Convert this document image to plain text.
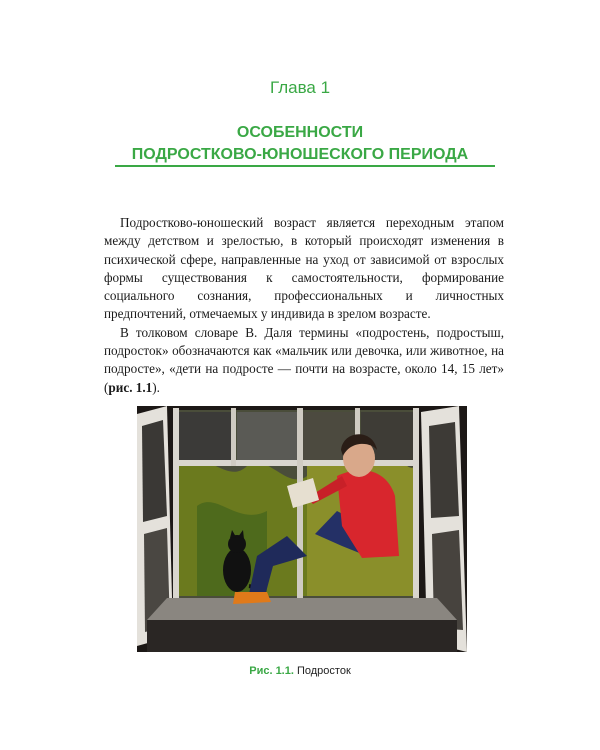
Глава 1
ОСОБЕННОСТИ
ПОДРОСТКОВО-ЮНОШЕСКОГО ПЕРИОДА

Подростково-юношеский возраст является переходным этапом между детством и зрелостью, в который происходят изменения в психической сфере, направленные на уход от зависимой от взрослых формы существования к самостоятельности, формирование социального сознания, профессиональных и личностных предпочтений, отмечаемых у индивида в зрелом возрасте.

В толковом словаре В. Даля термины «подростень, подростыш, подросток» обозначаются как «мальчик или девочка, или животное, на подросте», «дети на подросте — почти на возрасте, около 14, 15 лет» (рис. 1.1).

Рис. 1.1. Подросток
